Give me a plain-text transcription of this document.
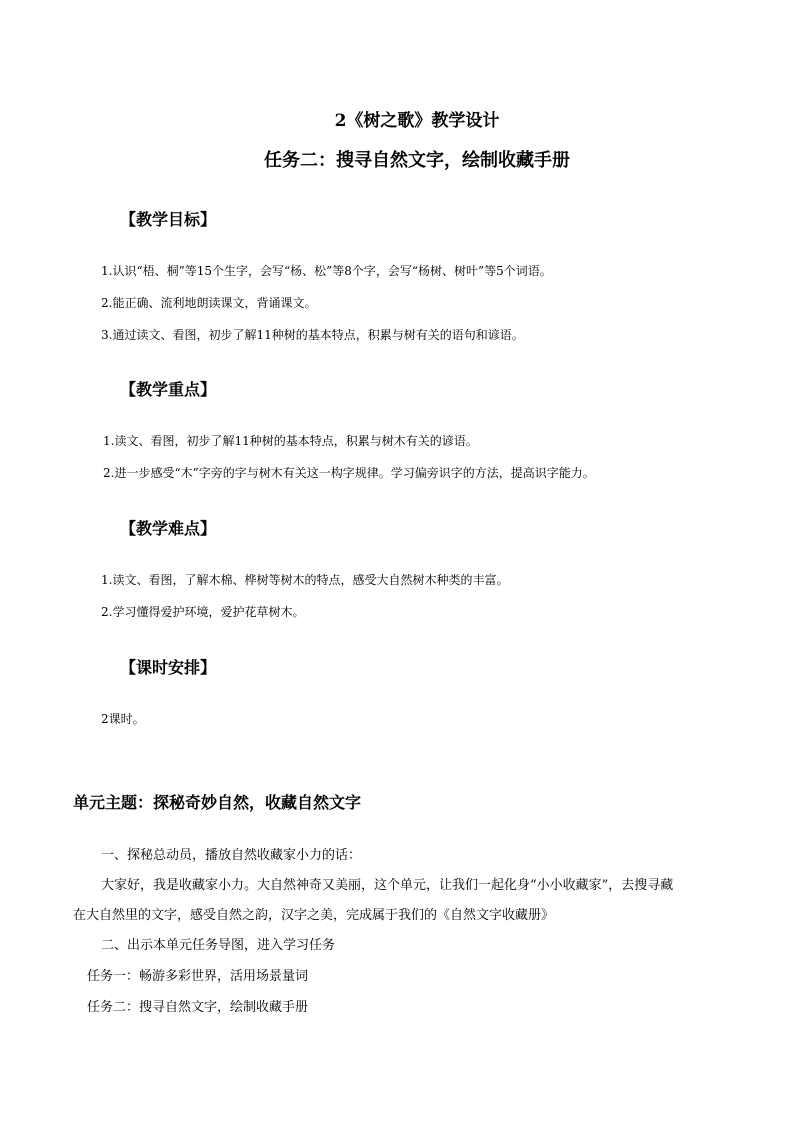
2《树之歌》教学设计
任务二：搜寻自然文字，绘制收藏手册
【教学目标】
1.认识“梧、桐”等15个生字，会写“杨、松”等8个字，会写“杨树、树叶”等5个词语。
2.能正确、流利地朗读课文，背诵课文。
3.通过读文、看图，初步了解11种树的基本特点，积累与树有关的语句和谚语。
【教学重点】
1.读文、看图，初步了解11种树的基本特点，积累与树木有关的谚语。
2.进一步感受“木”字旁的字与树木有关这一构字规律。学习偏旁识字的方法，提高识字能力。
【教学难点】
1.读文、看图，了解木棉、桦树等树木的特点，感受大自然树木种类的丰富。
2.学习懂得爱护环境，爱护花草树木。
【课时安排】
2课时。
单元主题：探秘奇妙自然，收藏自然文字
一、探秘总动员，播放自然收藏家小力的话：
大家好，我是收藏家小力。大自然神奇又美丽，这个单元，让我们一起化身“小小收藏家”，去搜寻藏
在大自然里的文字，感受自然之韵，汉字之美，完成属于我们的《自然文字收藏册》
二、出示本单元任务导图，进入学习任务
任务一：畅游多彩世界，活用场景量词
任务二：搜寻自然文字，绘制收藏手册
